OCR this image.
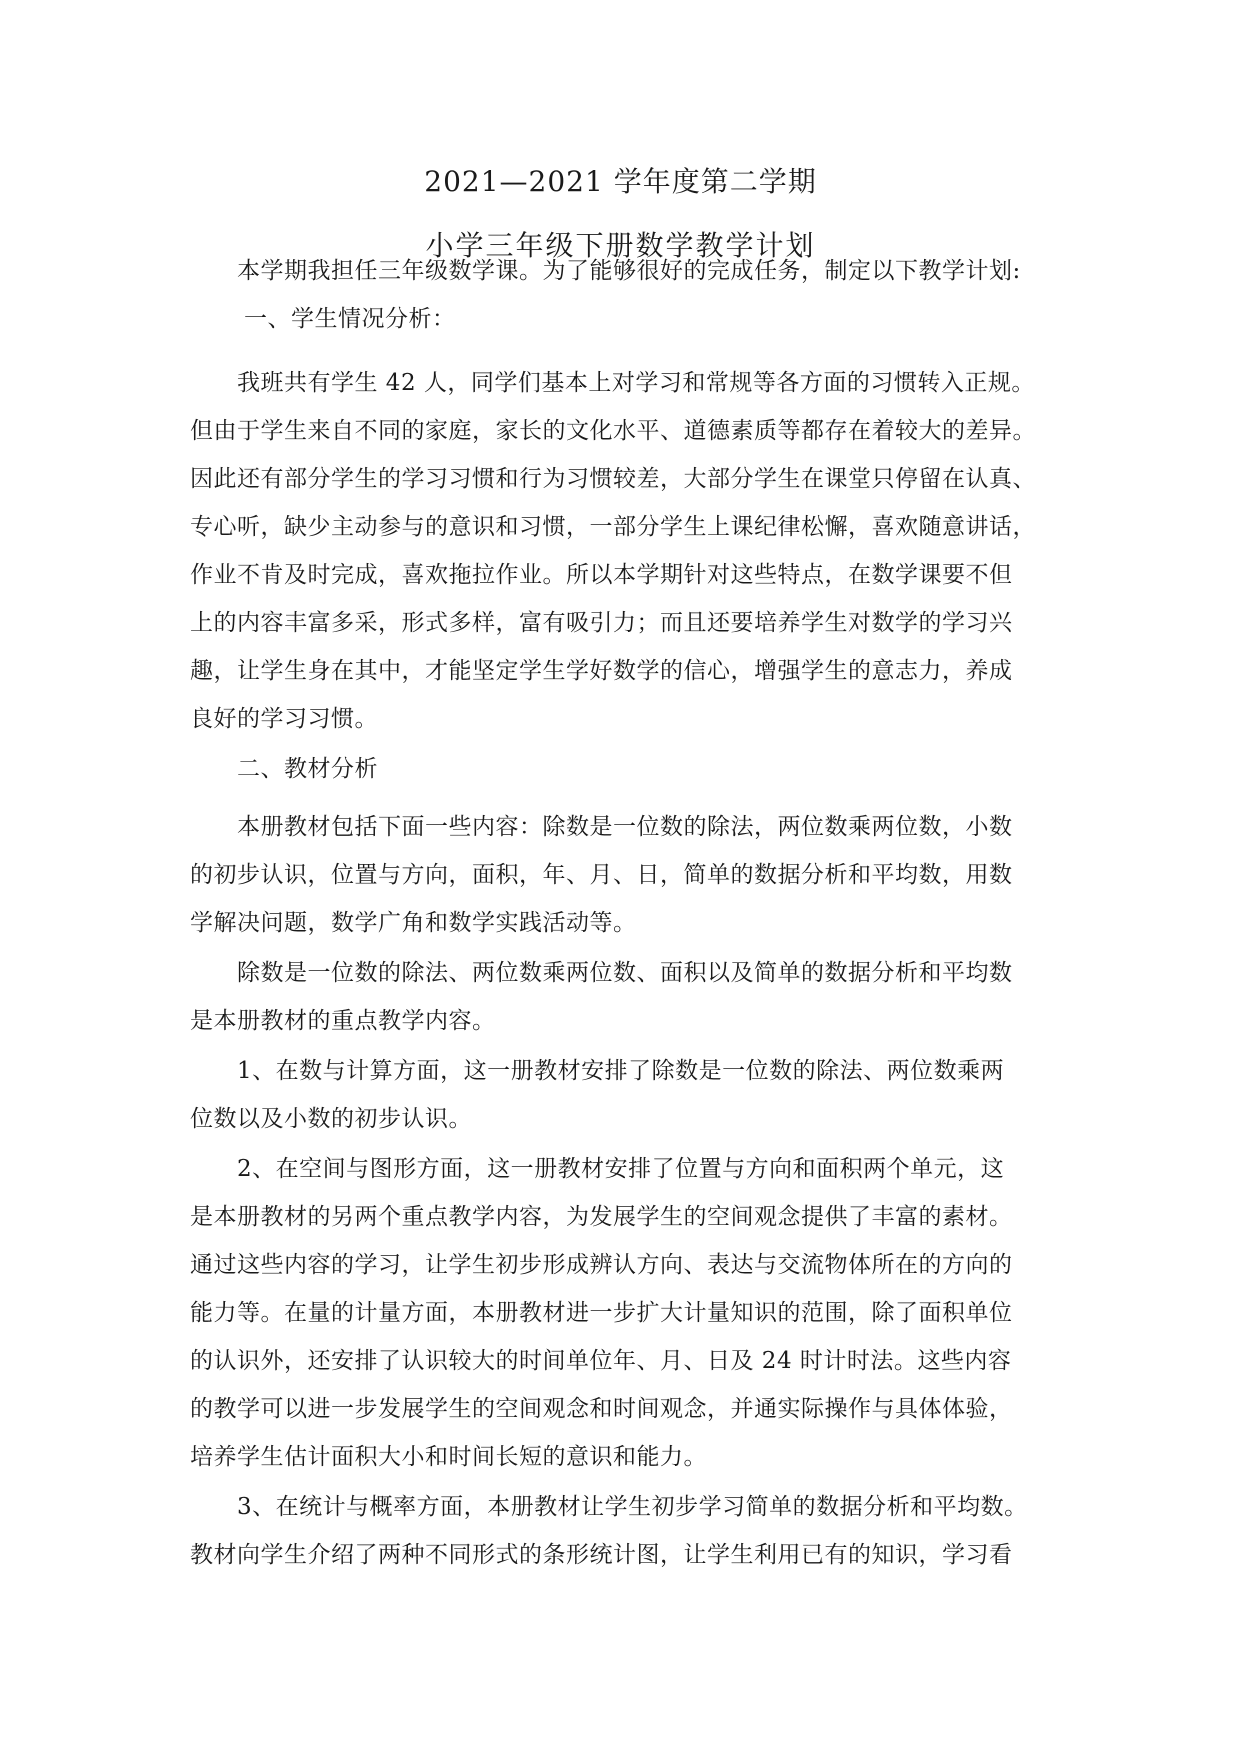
2021—2021 学年度第二学期
小学三年级下册数学教学计划
本学期我担任三年级数学课。为了能够很好的完成任务，制定以下教学计划:
一、学生情况分析：
我班共有学生 42 人，同学们基本上对学习和常规等各方面的习惯转入正规。
但由于学生来自不同的家庭，家长的文化水平、道德素质等都存在着较大的差异。
因此还有部分学生的学习习惯和行为习惯较差，大部分学生在课堂只停留在认真、
专心听，缺少主动参与的意识和习惯，一部分学生上课纪律松懈，喜欢随意讲话，
作业不肯及时完成，喜欢拖拉作业。所以本学期针对这些特点，在数学课要不但
上的内容丰富多采，形式多样，富有吸引力；而且还要培养学生对数学的学习兴
趣，让学生身在其中，才能坚定学生学好数学的信心，增强学生的意志力，养成
良好的学习习惯。
二、教材分析
本册教材包括下面一些内容：除数是一位数的除法，两位数乘两位数，小数
的初步认识，位置与方向，面积，年、月、日，简单的数据分析和平均数，用数
学解决问题，数学广角和数学实践活动等。
除数是一位数的除法、两位数乘两位数、面积以及简单的数据分析和平均数
是本册教材的重点教学内容。
1、在数与计算方面，这一册教材安排了除数是一位数的除法、两位数乘两
位数以及小数的初步认识。
2、在空间与图形方面，这一册教材安排了位置与方向和面积两个单元，这
是本册教材的另两个重点教学内容，为发展学生的空间观念提供了丰富的素材。
通过这些内容的学习，让学生初步形成辨认方向、表达与交流物体所在的方向的
能力等。在量的计量方面，本册教材进一步扩大计量知识的范围，除了面积单位
的认识外，还安排了认识较大的时间单位年、月、日及 24 时计时法。这些内容
的教学可以进一步发展学生的空间观念和时间观念，并通实际操作与具体体验，
培养学生估计面积大小和时间长短的意识和能力。
3、在统计与概率方面，本册教材让学生初步学习简单的数据分析和平均数。
教材向学生介绍了两种不同形式的条形统计图，让学生利用已有的知识，学习看
